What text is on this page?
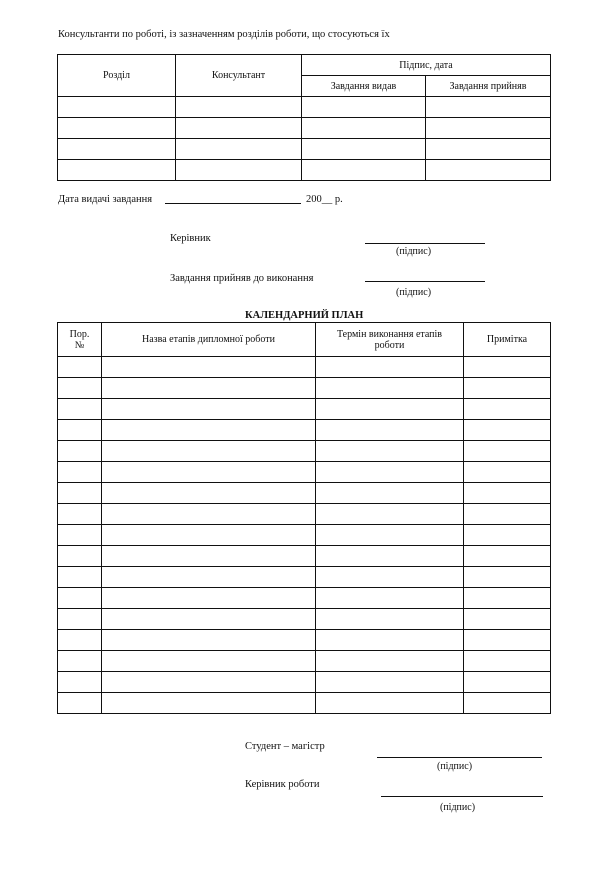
Консультанти по роботі, із зазначенням розділів роботи, що стосуються їх
Розділ	Консультант	Підпис, дата	
		Завдання видав	Завдання прийняв

Дата видачі завдання	200__ р.
Керівник
(підпис)
Завдання прийняв до виконання
(підпис)
КАЛЕНДАРНИЙ ПЛАН
Пор. №	Назва етапів дипломної роботи	Термін виконання етапів роботи	Примітка

Студент – магістр
(підпис)
Керівник роботи
(підпис)
